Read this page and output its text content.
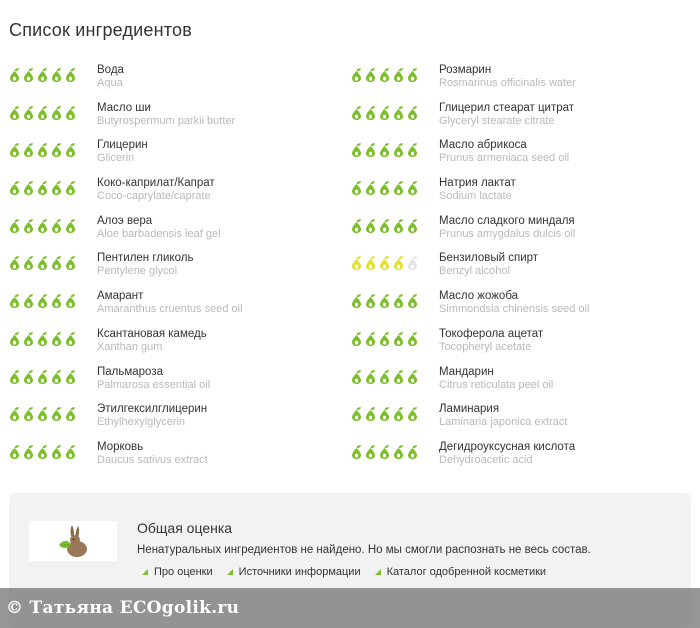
Список ингредиентов
Вода
Aqua
Масло ши
Butyrospermum parkii butter
Глицерин
Glicerin
Коко-каприлат/Капрат
Coco-caprylate/caprate
Алоэ вера
Aloe barbadensis leaf gel
Пентилен гликоль
Pentylene glycol
Амарант
Amaranthus cruentus seed oil
Ксантановая камедь
Xanthan gum
Пальмароза
Palmarosa essential oil
Этилгексилглицерин
Ethylhexylglycerin
Морковь
Daucus sativus extract
Розмарин
Rosmarinus officinalis water
Глицерил стеарат цитрат
Glyceryl stearate citrate
Масло абрикоса
Prunus armeniaca seed oil
Натрия лактат
Sodium lactate
Масло сладкого миндаля
Prunus amygdalus dulcis oil
Бензиловый спирт
Benzyl alcohol
Масло жожоба
Simmondsia chinensis seed oil
Токоферола ацетат
Tocopheryl acetate
Мандарин
Citrus reticulata peel oil
Ламинария
Laminaria japonica extract
Дегидроуксусная кислота
Dehydroacetic acid
Общая оценка
Ненатуральных ингредиентов не найдено. Но мы смогли распознать не весь состав.
Про оценки Источники информации Каталог одобренной косметики
© Татьяна ECOgolik.ru
